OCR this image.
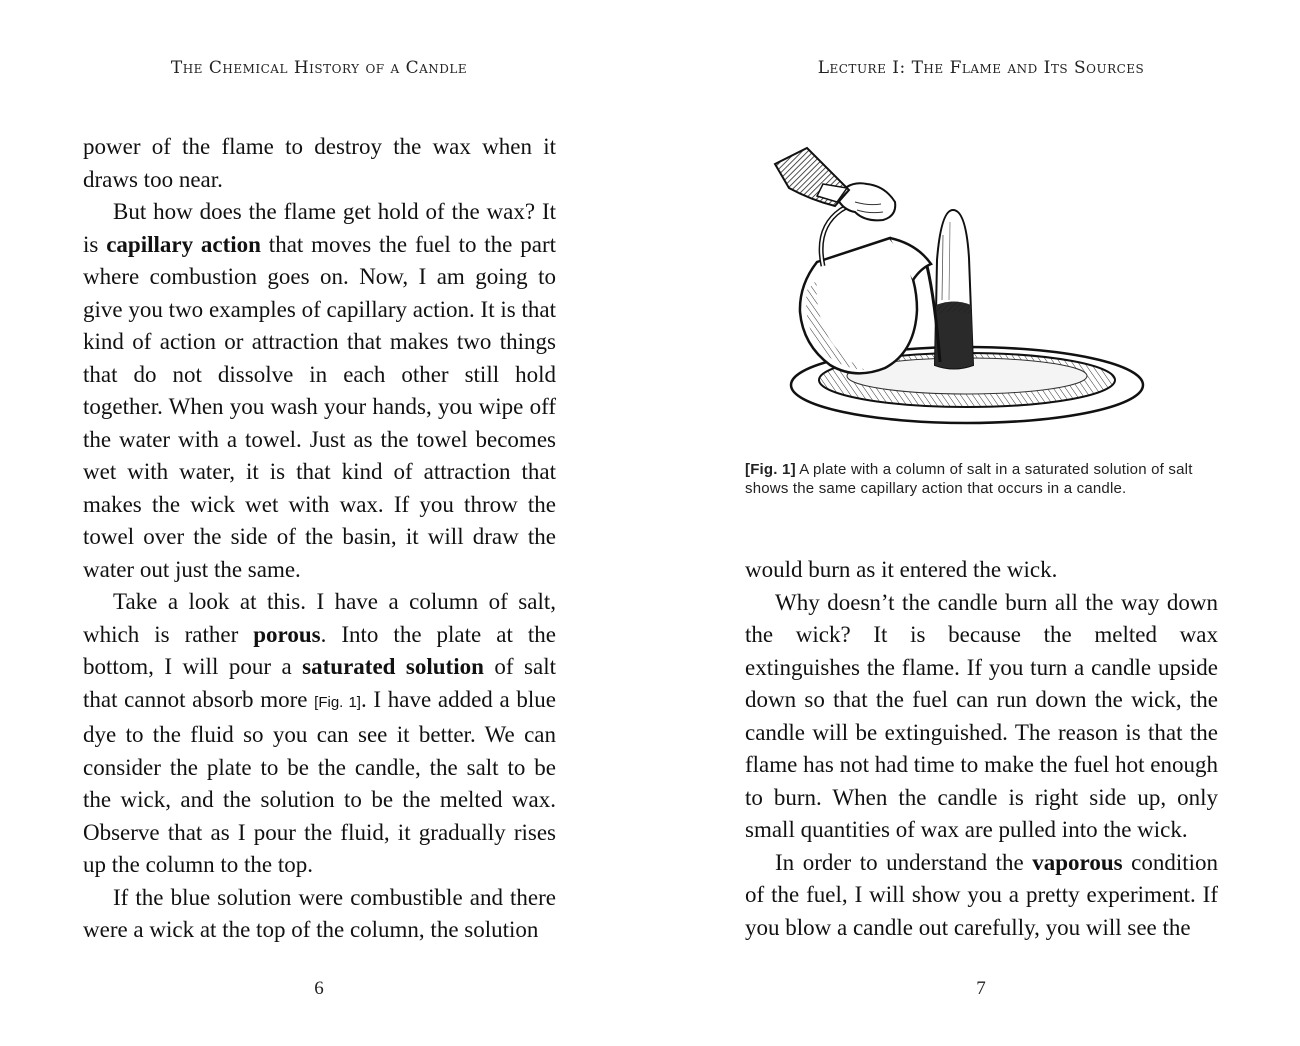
The Chemical History of a Candle

power of the flame to destroy the wax when it draws too near.

But how does the flame get hold of the wax? It is capillary action that moves the fuel to the part where combustion goes on. Now, I am going to give you two examples of capillary action. It is that kind of action or attraction that makes two things that do not dissolve in each other still hold together. When you wash your hands, you wipe off the water with a towel. Just as the towel becomes wet with water, it is that kind of attraction that makes the wick wet with wax. If you throw the towel over the side of the basin, it will draw the water out just the same.

Take a look at this. I have a column of salt, which is rather porous. Into the plate at the bottom, I will pour a saturated solution of salt that cannot absorb more [Fig. 1]. I have added a blue dye to the fluid so you can see it better. We can consider the plate to be the candle, the salt to be the wick, and the solution to be the melted wax. Observe that as I pour the fluid, it gradually rises up the column to the top.

If the blue solution were combustible and there were a wick at the top of the column, the solution

6
Lecture I: The Flame and Its Sources
[Fig. 1] A plate with a column of salt in a saturated solution of salt shows the same capillary action that occurs in a candle.

would burn as it entered the wick.

Why doesn’t the candle burn all the way down the wick? It is because the melted wax extinguishes the flame. If you turn a candle upside down so that the fuel can run down the wick, the candle will be extinguished. The reason is that the flame has not had time to make the fuel hot enough to burn. When the candle is right side up, only small quantities of wax are pulled into the wick.

In order to understand the vaporous condition of the fuel, I will show you a pretty experiment. If you blow a candle out carefully, you will see the

7
